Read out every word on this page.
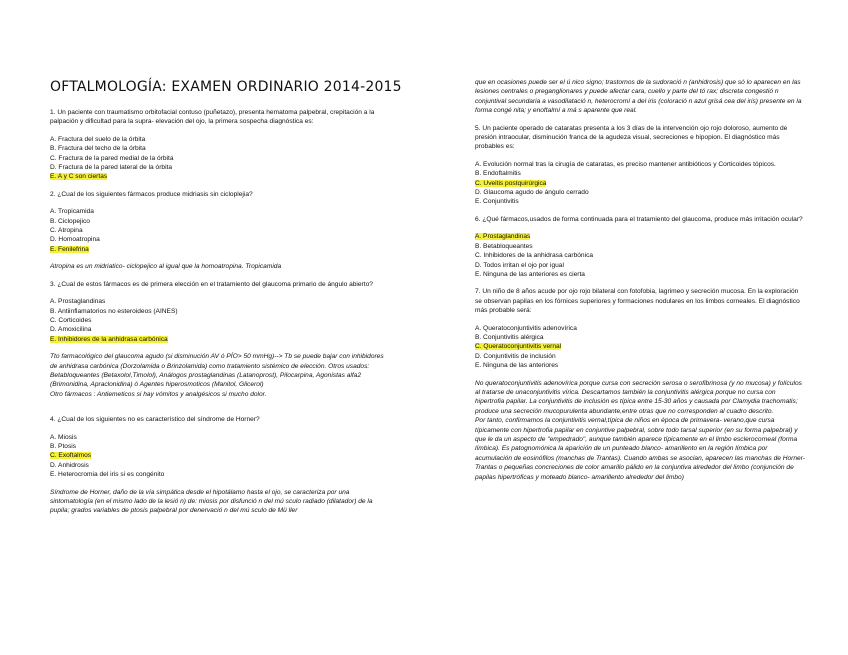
OFTALMOLOGÍA: EXAMEN ORDINARIO 2014-2015

1. Un paciente con traumatismo orbitofacial contuso (puñetazo), presenta hematoma palpebral, crepitación a la palpación y dificultad para la supra- elevación del ojo, la primera sospecha diagnóstica es:

A. Fractura del suelo de la órbita
B. Fractura del techo de la órbita
C. Fractura de la pared medial de la órbita
D. Fractura de la pared lateral de la órbita
E. A y C son ciertas

2. ¿Cual de los siguientes fármacos produce midriasis sin cicloplejia?

A. Tropicamida
B. Ciclopejico
C. Atropina
D. Homoatropina
E. Fenilefrina

Atropina es un midriatico- ciclopejico al igual que la homoatropina. Tropicamida

3. ¿Cual de estos fármacos es de primera elección en el tratamiento del glaucoma primario de ángulo abierto?

A. Prostaglandinas
B. Antiinflamatorios no esteroideos (AINES)
C. Corticoides
D. Amoxicilina
E. Inhibidores de la anhidrasa carbónica

Tto farmacológico del glaucoma agudo (si disminución AV ó PÍO> 50 mmHg)--> Tb se puede bajar con inhibidores de anhidrasa carbónica (Dorzolamida o Brinzolamida) como tratamiento sistémico de elección. Otros usados: Betabloqueantes (Betaxolol,Timolol), Análogos prostaglandinas (Latanoprost), Pilocarpina, Agonistas alfa2 (Brimonidina, Apraclonidina) ó Agentes hiperosmoticos (Manitol, Glicerol)

Otro fármacos : Antiemeticos si hay vómitos y analgésicos si mucho dolor.

4. ¿Cual de los siguientes no es característico del síndrome de Horner?

A. Miosis
B. Ptosis
C. Exoftalmos
D. Anhidrosis
E. Heterocromia del iris si es congénito

Síndrome de Horner, daño de la vía simpática desde el hipotálamo hasta el ojo, se caracteriza por una sintomatología (en el mismo lado de la lesió n) de: miosis por disfunció n del mú sculo radiado (dilatador) de la pupila; grados variables de ptosis palpebral por denervació n del mú sculo de Mü ller

que en ocasiones puede ser el ú nico signo; trastornos de la sudoració n (anhidrosis) que só lo aparecen en las lesiones centrales o preganglionares y puede afectar cara, cuello y parte del tó rax; discreta congestió n conjuntival secundaria a vasodilatació n, heterocromí a del iris (coloració n azul grisá cea del iris) presente en la forma congé nita; y enoftalmí a má s aparente que real.

5. Un paciente operado de cataratas presenta a los 3 días de la intervención ojo rojo doloroso, aumento de presión intraocular, disminución franca de la agudeza visual, secreciones e hipopion. El diagnóstico más probables es:

A. Evolución normal tras la cirugía de cataratas, es preciso mantener antibióticos y Corticoides tópicos.
B. Endoftalmitis
C. Uveitis postquirúrgica
D. Glaucoma agudo de ángulo cerrado
E. Conjuntivitis

6. ¿Qué fármacos,usados de forma continuada para el tratamiento del glaucoma, produce más irritación ocular?

A. Prostaglandinas
B. Betabloqueantes
C. Inhibidores de la anhidrasa carbónica
D. Todos irritan el ojo por igual
E. Ninguna de las anteriores es cierta

7. Un niño de 8 años acude por ojo rojo bilateral con fotofobia, lagrimeo y secreción mucosa. En la exploración se observan papilas en los fórnices superiores y formaciones nodulares en los limbos corneales. El diagnóstico más probable será:

A. Queratoconjuntivitis adenovírica
B. Conjuntivitis alérgica
C. Queratoconjuntivitis vernal
D. Conjuntivitis de inclusión
E. Ninguna de las anteriores

No queratoconjuntivitis adenovírica porque cursa con secreción serosa o serofibrinosa (y no mucosa) y folículos al tratarse de unaconjuntivitis vírica. Descartamos también la conjuntivitis alérgica porque no cursa con hipertrofia papilar. La conjuntivitis de inclusión es típica entre 15-30 años y causada por Clamydia trachomatis; produce una secreción mucopurulenta abundante,entre otras que no corresponden al cuadro descrito.

Por tanto, confirmamos la conjuntivitis vernal,típica de niños en época de primavera- verano,que cursa típicamente con hipertrofia papilar en conjuntive palpebral, sobre todo tarsal superior (en su forma palpebral) y que le da un aspecto de "empedrado", aunque también aparece típicamente en el limbo esclerocorneal (forma límbica). Es patognomónica la aparición de un punteado blanco- amarillento en la región límbica por acumulación de eosinófilos (manchas de Trantas). Cuando ambas se asocian, aparecen las manchas de Horner- Trantas o pequeñas concreciones de color amarillo pálido en la conjuntiva alrededor del limbo (conjunción de papilas hipertróficas y moteado blanco- amarillento alrededor del limbo)
